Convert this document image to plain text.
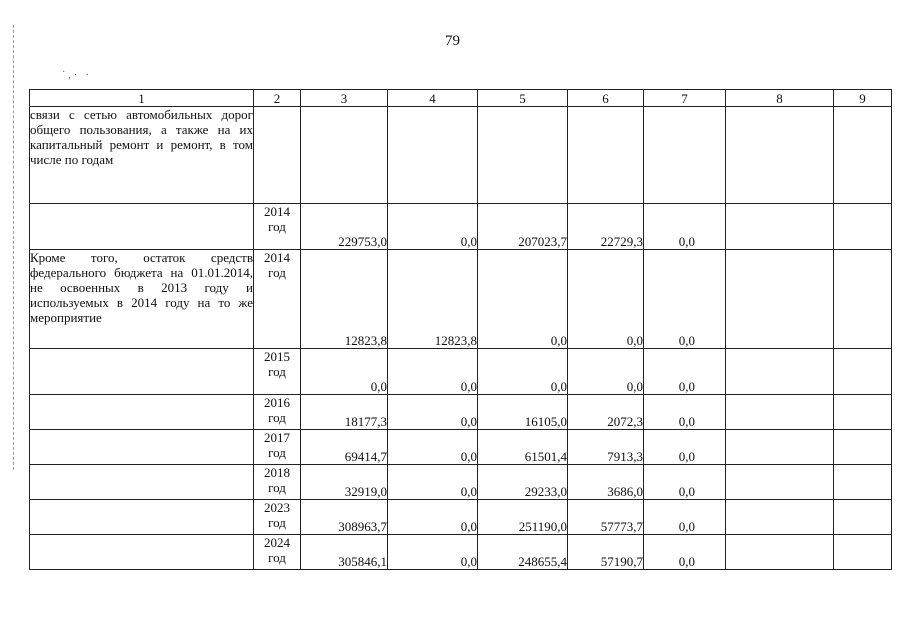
79
˙,· ·
1	2	3	4	5	6	7	8	9
связи с сетью автомобильных дорог общего пользования, а также на их капитальный ремонт и ремонт, в том числе по годам								
	2014 год	229753,0	0,0	207023,7	22729,3	0,0		
Кроме того, остаток средств федерального бюджета на 01.01.2014, не освоенных в 2013 году и используемых в 2014 году на то же мероприятие	2014 год	12823,8	12823,8	0,0	0,0	0,0		
	2015 год	0,0	0,0	0,0	0,0	0,0		
	2016 год	18177,3	0,0	16105,0	2072,3	0,0		
	2017 год	69414,7	0,0	61501,4	7913,3	0,0		
	2018 год	32919,0	0,0	29233,0	3686,0	0,0		
	2023 год	308963,7	0,0	251190,0	57773,7	0,0		
	2024 год	305846,1	0,0	248655,4	57190,7	0,0		
